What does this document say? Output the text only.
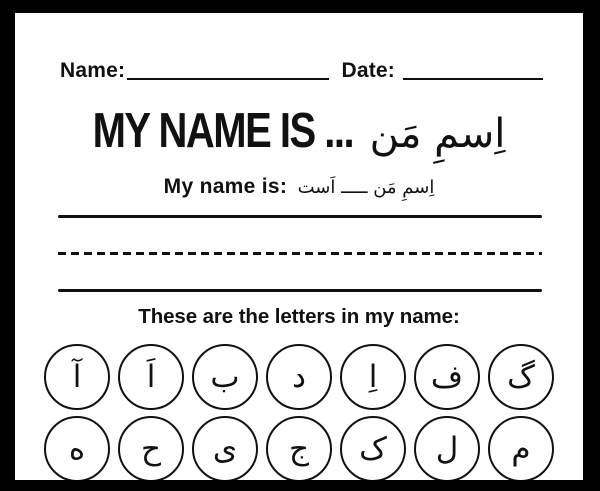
Name:	Date:
MY NAME IS ... اِسمِ مَن
My name is: اِسمِ مَن ـــــ اَست
These are the letters in my name:
آ	اَ	ب	د	اِ	ف	گ
ه	ح	ی	ج	ک	ل	م
